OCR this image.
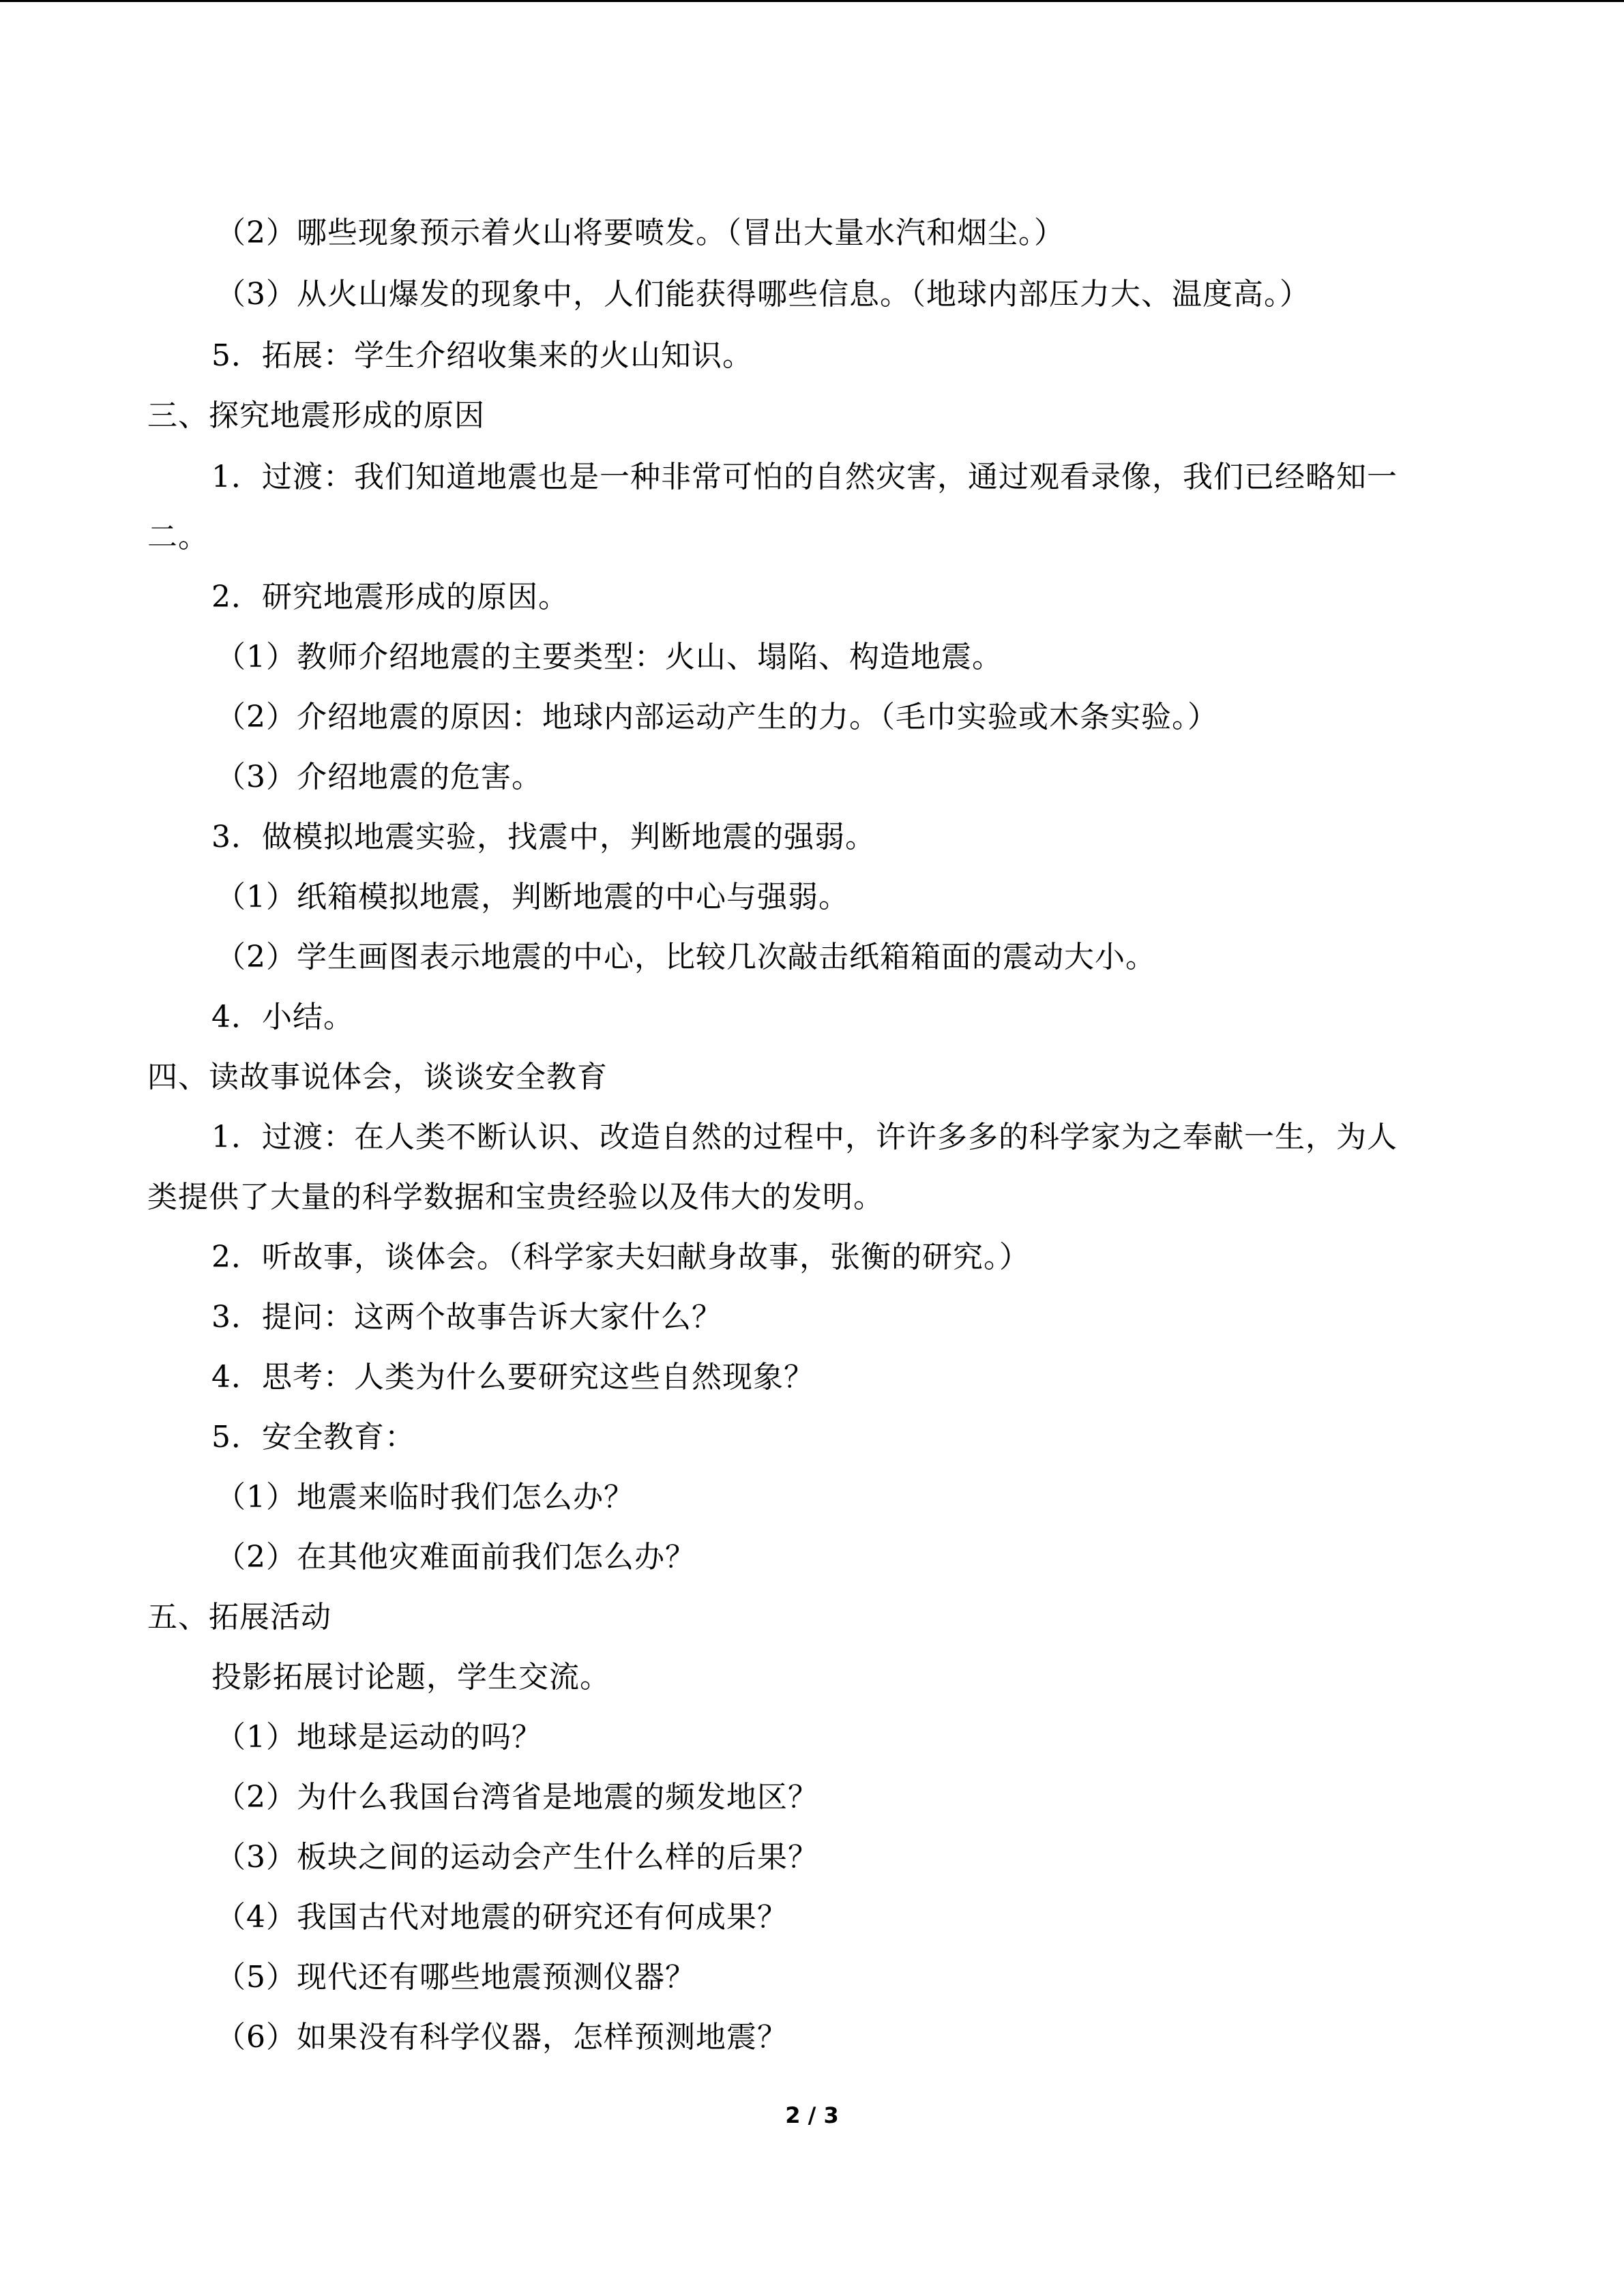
（2）哪些现象预示着火山将要喷发。（冒出大量水汽和烟尘。）
（3）从火山爆发的现象中，人们能获得哪些信息。（地球内部压力大、温度高。）
5．拓展：学生介绍收集来的火山知识。
三、探究地震形成的原因
1．过渡：我们知道地震也是一种非常可怕的自然灾害，通过观看录像，我们已经略知一
二。
2．研究地震形成的原因。
（1）教师介绍地震的主要类型：火山、塌陷、构造地震。
（2）介绍地震的原因：地球内部运动产生的力。（毛巾实验或木条实验。）
（3）介绍地震的危害。
3．做模拟地震实验，找震中，判断地震的强弱。
（1）纸箱模拟地震，判断地震的中心与强弱。
（2）学生画图表示地震的中心，比较几次敲击纸箱箱面的震动大小。
4．小结。
四、读故事说体会，谈谈安全教育
1．过渡：在人类不断认识、改造自然的过程中，许许多多的科学家为之奉献一生，为人
类提供了大量的科学数据和宝贵经验以及伟大的发明。
2．听故事，谈体会。（科学家夫妇献身故事，张衡的研究。）
3．提问：这两个故事告诉大家什么？
4．思考：人类为什么要研究这些自然现象？
5．安全教育：
（1）地震来临时我们怎么办？
（2）在其他灾难面前我们怎么办？
五、拓展活动
投影拓展讨论题，学生交流。
（1）地球是运动的吗？
（2）为什么我国台湾省是地震的频发地区？
（3）板块之间的运动会产生什么样的后果？
（4）我国古代对地震的研究还有何成果？
（5）现代还有哪些地震预测仪器？
（6）如果没有科学仪器，怎样预测地震？
2 / 3
